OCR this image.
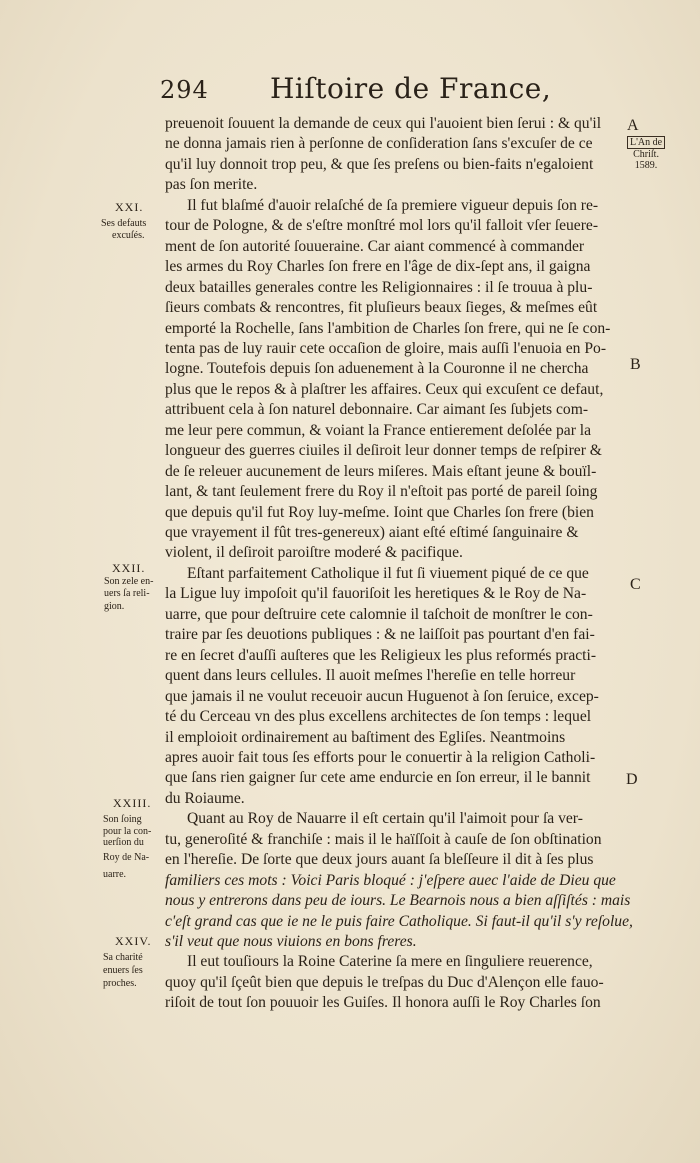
294 Hiſtoire de France,
L'An de
Chriſt.
1589.
A
B
C
D
XXI.
Ses defauts
excuſés.
XXII.
Son zele en-
uers ſa reli-
gion.
XXIII.
Son ſoing
pour la con-
uerſion du
Roy de Na-
uarre.
XXIV.
Sa charité
enuers ſes
proches.
preuenoit ſouuent la demande de ceux qui l'auoient bien ſerui : & qu'il
ne donna jamais rien à perſonne de conſideration ſans s'excuſer de ce
qu'il luy donnoit trop peu, & que ſes preſens ou bien-faits n'egaloient
pas ſon merite.
Il fut blaſmé d'auoir relaſché de ſa premiere vigueur depuis ſon re-
tour de Pologne, & de s'eſtre monſtré mol lors qu'il falloit vſer ſeuere-
ment de ſon autorité ſouueraine. Car aiant commencé à commander
les armes du Roy Charles ſon frere en l'âge de dix-ſept ans, il gaigna
deux batailles generales contre les Religionnaires : il ſe trouua à plu-
ſieurs combats & rencontres, fit pluſieurs beaux ſieges, & meſmes eût
emporté la Rochelle, ſans l'ambition de Charles ſon frere, qui ne ſe con-
tenta pas de luy rauir cete occaſion de gloire, mais auſſi l'enuoia en Po-
logne. Toutefois depuis ſon aduenement à la Couronne il ne chercha
plus que le repos & à plaſtrer les affaires. Ceux qui excuſent ce defaut,
attribuent cela à ſon naturel debonnaire. Car aimant ſes ſubjets com-
me leur pere commun, & voiant la France entierement deſolée par la
longueur des guerres ciuiles il deſiroit leur donner temps de reſpirer &
de ſe releuer aucunement de leurs miſeres. Mais eſtant jeune & bouïl-
lant, & tant ſeulement frere du Roy il n'eſtoit pas porté de pareil ſoing
que depuis qu'il fut Roy luy-meſme. Ioint que Charles ſon frere (bien
que vrayement il fût tres-genereux) aiant eſté eſtimé ſanguinaire &
violent, il deſiroit paroiſtre moderé & pacifique.
Eſtant parfaitement Catholique il fut ſi viuement piqué de ce que
la Ligue luy impoſoit qu'il fauoriſoit les heretiques & le Roy de Na-
uarre, que pour deſtruire cete calomnie il taſchoit de monſtrer le con-
traire par ſes deuotions publiques : & ne laiſſoit pas pourtant d'en fai-
re en ſecret d'auſſi auſteres que les Religieux les plus reformés practi-
quent dans leurs cellules. Il auoit meſmes l'hereſie en telle horreur
que jamais il ne voulut receuoir aucun Huguenot à ſon ſeruice, excep-
té du Cerceau vn des plus excellens architectes de ſon temps : lequel
il emploioit ordinairement au baſtiment des Egliſes. Neantmoins
apres auoir fait tous ſes efforts pour le conuertir à la religion Catholi-
que ſans rien gaigner ſur cete ame endurcie en ſon erreur, il le bannit
du Roiaume.
Quant au Roy de Nauarre il eſt certain qu'il l'aimoit pour ſa ver-
tu, generoſité & franchiſe : mais il le haïſſoit à cauſe de ſon obſtination
en l'hereſie. De ſorte que deux jours auant ſa bleſſeure il dit à ſes plus
familiers ces mots : Voici Paris bloqué : j'eſpere auec l'aide de Dieu que
nous y entrerons dans peu de iours. Le Bearnois nous a bien aſſiſtés : mais
c'eſt grand cas que ie ne le puis faire Catholique. Si faut-il qu'il s'y reſolue,
s'il veut que nous viuions en bons freres.
Il eut touſiours la Roine Caterine ſa mere en ſinguliere reuerence,
quoy qu'il ſçeût bien que depuis le treſpas du Duc d'Alençon elle fauo-
riſoit de tout ſon pouuoir les Guiſes. Il honora auſſi le Roy Charles ſon
